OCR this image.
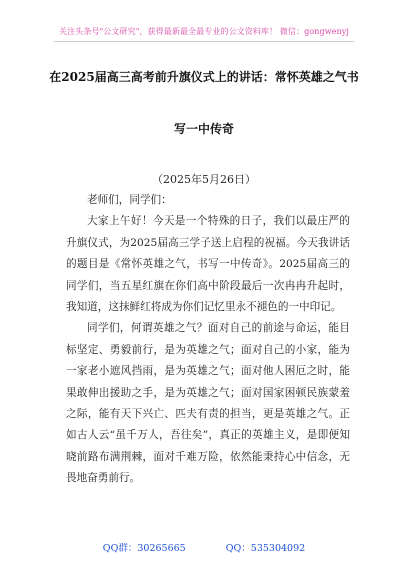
关注头条号"公文研究"，获得最新最全最专业的公文资料库！ 微信：gongwenyj
在2025届高三高考前升旗仪式上的讲话：常怀英雄之气书
写一中传奇
（2025年5月26日）

老师们，同学们：

大家上午好！今天是一个特殊的日子，我们以最庄严的升旗仪式，为2025届高三学子送上启程的祝福。今天我讲话的题目是《常怀英雄之气，书写一中传奇》。2025届高三的同学们，当五星红旗在你们高中阶段最后一次冉冉升起时，我知道，这抹鲜红将成为你们记忆里永不褪色的一中印记。

同学们，何谓英雄之气？面对自己的前途与命运，能目标坚定、勇毅前行，是为英雄之气；面对自己的小家，能为一家老小遮风挡雨，是为英雄之气；面对他人困厄之时，能果敢伸出援助之手，是为英雄之气；面对国家困顿民族蒙羞之际，能有天下兴亡、匹夫有责的担当，更是英雄之气。正如古人云“虽千万人，吾往矣”，真正的英雄主义，是即便知晓前路布满荆棘，面对千难万险，依然能秉持心中信念，无畏地奋勇前行。

QQ群：30265665	QQ：535304092
